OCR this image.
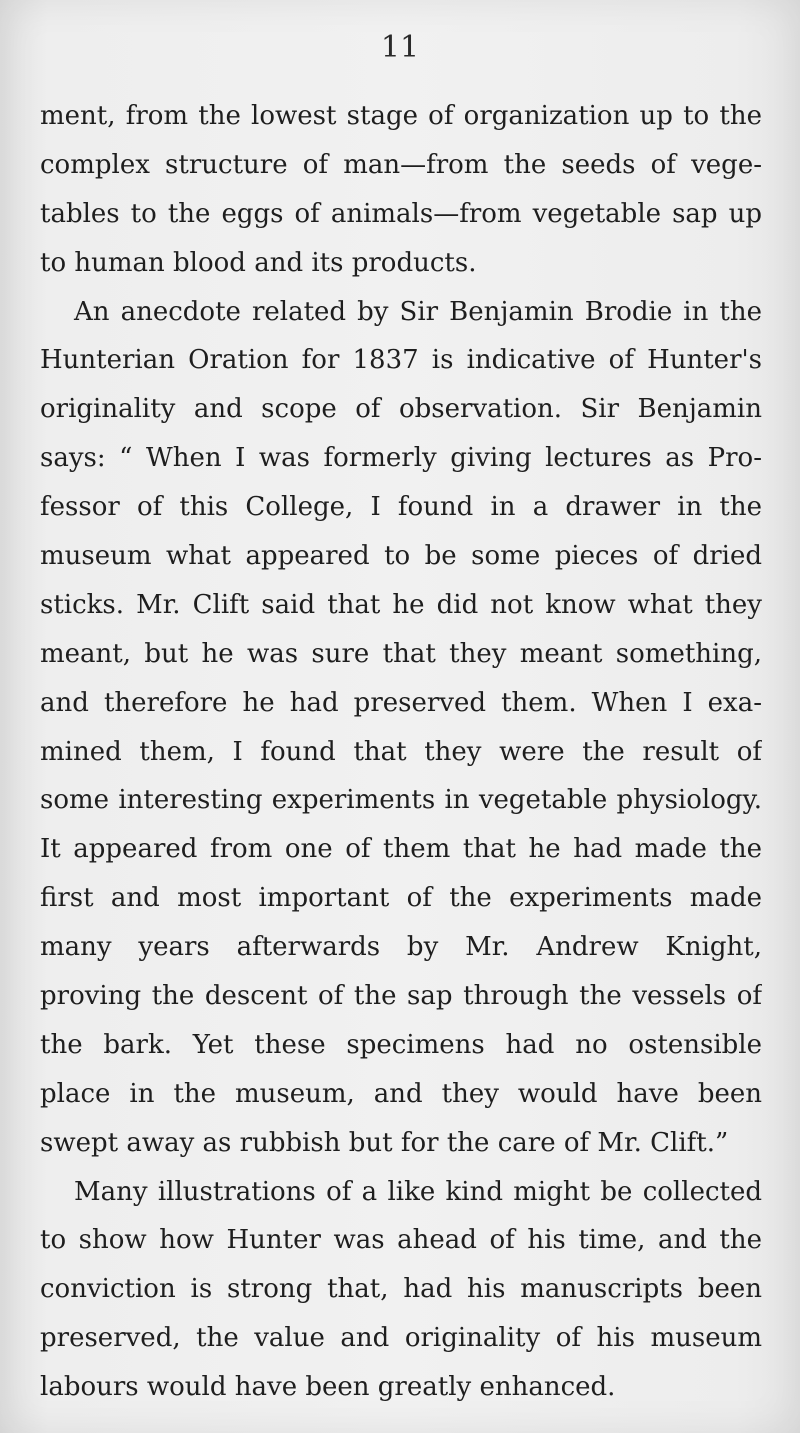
11
ment, from the lowest stage of organization up to the
complex structure of man—from the seeds of vege-
tables to the eggs of animals—from vegetable sap up
to human blood and its products.
An anecdote related by Sir Benjamin Brodie in the
Hunterian Oration for 1837 is indicative of Hunter's
originality and scope of observation. Sir Benjamin
says: “ When I was formerly giving lectures as Pro-
fessor of this College, I found in a drawer in the
museum what appeared to be some pieces of dried
sticks. Mr. Clift said that he did not know what they
meant, but he was sure that they meant something,
and therefore he had preserved them. When I exa-
mined them, I found that they were the result of
some interesting experiments in vegetable physiology.
It appeared from one of them that he had made the
first and most important of the experiments made
many years afterwards by Mr. Andrew Knight,
proving the descent of the sap through the vessels of
the bark. Yet these specimens had no ostensible
place in the museum, and they would have been
swept away as rubbish but for the care of Mr. Clift.”
Many illustrations of a like kind might be collected
to show how Hunter was ahead of his time, and the
conviction is strong that, had his manuscripts been
preserved, the value and originality of his museum
labours would have been greatly enhanced.
